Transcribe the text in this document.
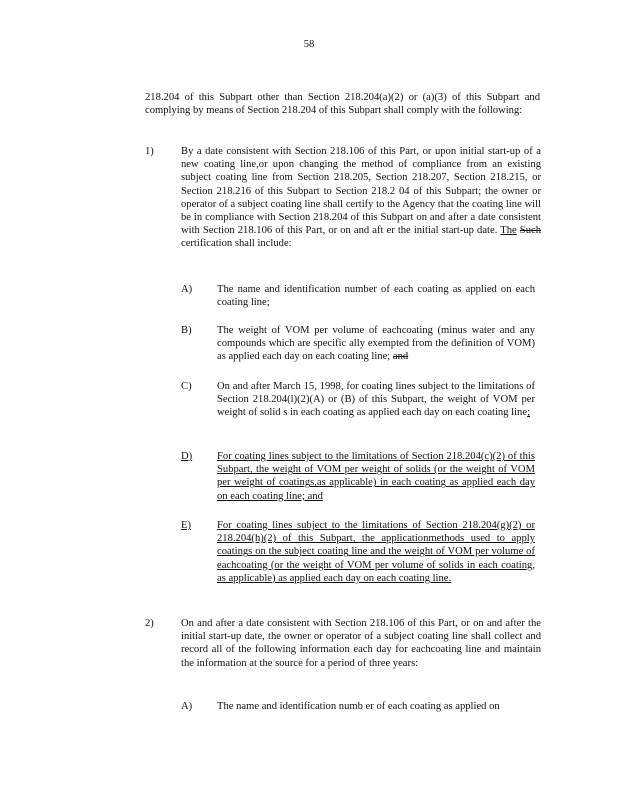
58
218.204 of this Subpart other than Section 218.204(a)(2) or (a)(3) of this Subpart and complying by means of Section 218.204 of this Subpart shall comply with the following:
1)	By a date consistent with Section 218.106 of this Part, or upon initial start-up of a new coating line,or upon changing the method of compliance from an existing subject coating line from Section 218.205, Section 218.207, Section 218.215, or Section 218.216 of this Subpart to Section 218.2 04 of this Subpart; the owner or operator of a subject coating line shall certify to the Agency that the coating line will be in compliance with Section 218.204 of this Subpart on and after a date consistent with Section 218.106 of this Part, or on and aft er the initial start-up date. The Such certification shall include:
A) The name and identification number of each coating as applied on each coating line;
B) The weight of VOM per volume of eachcoating (minus water and any compounds which are specific ally exempted from the definition of VOM) as applied each day on each coating line; and
C) On and after March 15, 1998, for coating lines subject to the limitations of Section 218.204(l)(2)(A) or (B) of this Subpart, the weight of VOM per weight of solid s in each coating as applied each day on each coating line;
D) For coating lines subject to the limitations of Section 218.204(c)(2) of this Subpart, the weight of VOM per weight of solids (or the weight of VOM per weight of coatings,as applicable) in each coating as applied each day on each coating line; and
E) For coating lines subject to the limitations of Section 218.204(g)(2) or 218.204(h)(2) of this Subpart, the applicationmethods used to apply coatings on the subject coating line and the weight of VOM per volume of eachcoating (or the weight of VOM per volume of solids in each coating, as applicable) as applied each day on each coating line.
2)	On and after a date consistent with Section 218.106 of this Part, or on and after the initial start-up date, the owner or operator of a subject coating line shall collect and record all of the following information each day for eachcoating line and maintain the information at the source for a period of three years:
A) The name and identification numb er of each coating as applied on
